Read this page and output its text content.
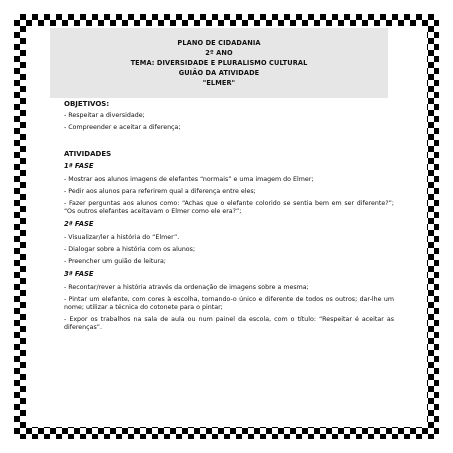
PLANO DE CIDADANIA
2º ANO
TEMA: DIVERSIDADE E PLURALISMO CULTURAL
GUIÃO DA ATIVIDADE
"ELMER"

OBJETIVOS:

- Respeitar a diversidade;

- Compreender e aceitar a diferença;

ATIVIDADES

1ª FASE

- Mostrar aos alunos imagens de elefantes “normais” e uma imagem do Elmer;

- Pedir aos alunos para referirem qual a diferença entre eles;

- Fazer perguntas aos alunos como: “Achas que o elefante colorido se sentia bem em ser diferente?”; “Os outros elefantes aceitavam o Elmer como ele era?”;

2ª FASE

- Visualizar/ler a história do “Elmer”.

- Dialogar sobre a história com os alunos;

- Preencher um guião de leitura;

3ª FASE

- Recontar/rever a história através da ordenação de imagens sobre a mesma;

- Pintar um elefante, com cores à escolha, tornando-o único e diferente de todos os outros; dar-lhe um nome; utilizar a técnica do cotonete para o pintar;

- Expor os trabalhos na sala de aula ou num painel da escola, com o título: “Respeitar é aceitar as diferenças”.
